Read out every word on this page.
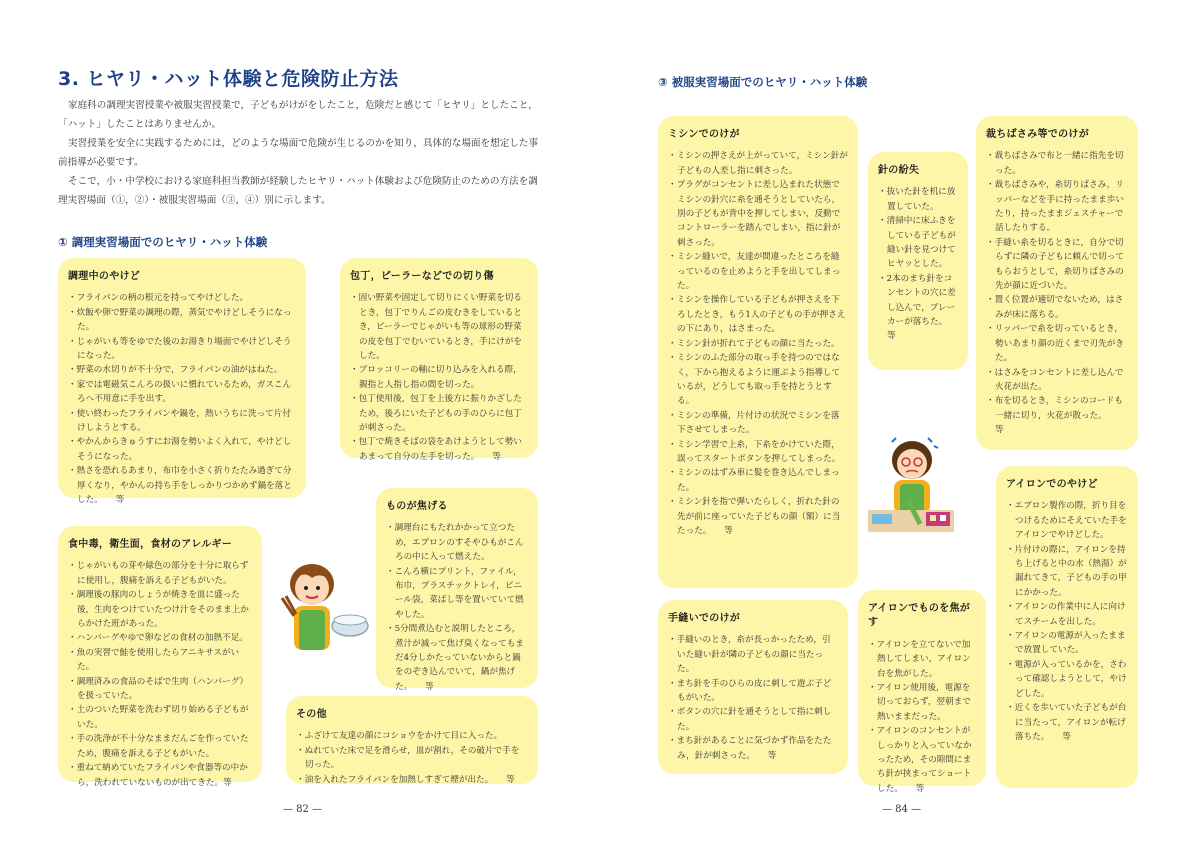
3. ヒヤリ・ハット体験と危険防止方法

家庭科の調理実習授業や被服実習授業で，子どもがけがをしたこと，危険だと感じて「ヒヤリ」としたこと，「ハット」したことはありませんか。

実習授業を安全に実践するためには，どのような場面で危険が生じるのかを知り，具体的な場面を想定した事前指導が必要です。

そこで，小・中学校における家庭科担当教師が経験したヒヤリ・ハット体験および危険防止のための方法を調理実習場面（①，②）・被服実習場面（③，④）別に示します。

① 調理実習場面でのヒヤリ・ハット体験
調理中のやけど
・ フライパンの柄の根元を持ってやけどした。
・ 炊飯や卵で野菜の調理の際，蒸気でやけどしそうになった。
・ じゃがいも等をゆでた後のお湯きり場面でやけどしそうになった。
・ 野菜の水切りが不十分で，フライパンの油がはねた。
・ 家では電磁気こんろの扱いに慣れているため，ガスこんろへ不用意に手を出す。
・ 使い終わったフライパンや鍋を，熱いうちに洗って片付けしようとする。
・ やかんからきゅうすにお湯を勢いよく入れて，やけどしそうになった。
・ 熱さを恐れるあまり，布巾を小さく折りたたみ過ぎて分厚くなり，やかんの持ち手をしっかりつかめず鍋を落とした。　　等
包丁，ピーラーなどでの切り傷
・ 固い野菜や固定して切りにくい野菜を切るとき，包丁でりんごの皮むきをしているとき，ピーラーでじゃがいも等の球形の野菜の皮を包丁でむいているとき，手にけがをした。
・ ブロッコリーの軸に切り込みを入れる際，親指と人指し指の間を切った。
・ 包丁使用後，包丁を上後方に振りかざしたため，後ろにいた子どもの手のひらに包丁が刺さった。
・ 包丁で焼きそばの袋をあけようとして勢いあまって自分の左手を切った。　　等
ものが焦げる
・ 調理台にもたれかかって立つため，エプロンのすそやひもがこんろの中に入って燃えた。
・ こんろ横にプリント，ファイル，布巾，プラスチックトレイ，ビニール袋，菜ばし等を置いていて燃やした。
・ 5分間煮込むと説明したところ，煮汁が減って焦げ臭くなってもまだ4分しかたっていないからと鍋をのぞき込んでいて，鍋が焦げた。　　等
食中毒，衛生面，食材のアレルギー
・ じゃがいもの芽や緑色の部分を十分に取らずに使用し，腹痛を訴える子どもがいた。
・ 調理後の豚肉のしょうが焼きを皿に盛った後，生肉をつけていたつけ汁をそのまま上からかけた班があった。
・ ハンバーグやゆで卵などの食材の加熱不足。
・ 魚の実習で鮭を使用したらアニキサスがいた。
・ 調理済みの食品のそばで生肉（ハンバーグ）を扱っていた。
・ 土のついた野菜を洗わず切り始める子どもがいた。
・ 手の洗浄が不十分なままだんごを作っていたため，腹痛を訴える子どもがいた。
・ 重ねて納めていたフライパンや食器等の中から，洗われていないものが出てきた。等
その他
・ ふざけて友達の顔にコショウをかけて目に入った。
・ ぬれていた床で足を滑らせ，皿が割れ，その破片で手を切った。
・ 油を入れたフライパンを加熱しすぎて煙が出た。　　等
— 82 —
③ 被服実習場面でのヒヤリ・ハット体験
ミシンでのけが
・ ミシンの押さえが上がっていて，ミシン針が子どもの人差し指に刺さった。
・ プラグがコンセントに差し込まれた状態でミシンの針穴に糸を通そうとしていたら，別の子どもが背中を押してしまい，反動でコントローラーを踏んでしまい，指に針が刺さった。
・ ミシン縫いで，友達が間違ったところを縫っているのを止めようと手を出してしまった。
・ ミシンを操作している子どもが押さえを下ろしたとき，もう1人の子どもの手が押さえの下にあり，はさまった。
・ ミシン針が折れて子どもの顔に当たった。
・ ミシンのふた部分の取っ手を持つのではなく，下から抱えるように運ぶよう指導しているが，どうしても取っ手を持とうとする。
・ ミシンの準備，片付けの状況でミシンを落下させてしまった。
・ ミシン学習で上糸，下糸をかけていた際，誤ってスタートボタンを押してしまった。
・ ミシンのはずみ車に髪を巻き込んでしまった。
・ ミシン針を指で弾いたらしく，折れた針の先が前に座っていた子どもの顔（額）に当たった。　　等
針の紛失
・ 抜いた針を机に放置していた。
・ 清掃中に床ふきをしている子どもが縫い針を見つけてヒヤッとした。
・ 2本のまち針をコンセントの穴に差し込んで，ブレーカーが落ちた。　　等
裁ちばさみ等でのけが
・ 裁ちばさみで布と一緒に指先を切った。
・ 裁ちばさみや，糸切りばさみ，リッパーなどを手に持ったまま歩いたり，持ったままジェスチャーで話したりする。
・ 手縫い糸を切るときに，自分で切らずに隣の子どもに頼んで切ってもらおうとして，糸切りばさみの先が顔に近づいた。
・ 置く位置が適切でないため，はさみが床に落ちる。
・ リッパーで糸を切っているとき，勢いあまり顔の近くまで刃先がきた。
・ はさみをコンセントに差し込んで火花が出た。
・ 布を切るとき，ミシンのコードも一緒に切り，火花が散った。　　等
アイロンでのやけど
・ エプロン製作の際，折り目をつけるためにそえていた手をアイロンでやけどした。
・ 片付けの際に，アイロンを持ち上げると中の水（熱湯）が漏れてきて，子どもの手の甲にかかった。
・ アイロンの作業中に人に向けてスチームを出した。
・ アイロンの電源が入ったままで放置していた。
・ 電源が入っているかを，さわって確認しようとして，やけどした。
・ 近くを歩いていた子どもが台に当たって，アイロンが転げ落ちた。　　等
手縫いでのけが
・ 手縫いのとき，糸が長っかったため，引いた縫い針が隣の子どもの顔に当たった。
・ まち針を手のひらの皮に刺して遊ぶ子どもがいた。
・ ボタンの穴に針を通そうとして指に刺した。
・ まち針があることに気づかず作品をたたみ，針が刺さった。　　等
アイロンでものを焦がす
・ アイロンを立てないで加熱してしまい，アイロン台を焦がした。
・ アイロン使用後，電源を切っておらず，翌朝まで熱いままだった。
・ アイロンのコンセントがしっかりと入っていなかったため，その隙間にまち針が挟まってショートした。　　等
— 84 —
